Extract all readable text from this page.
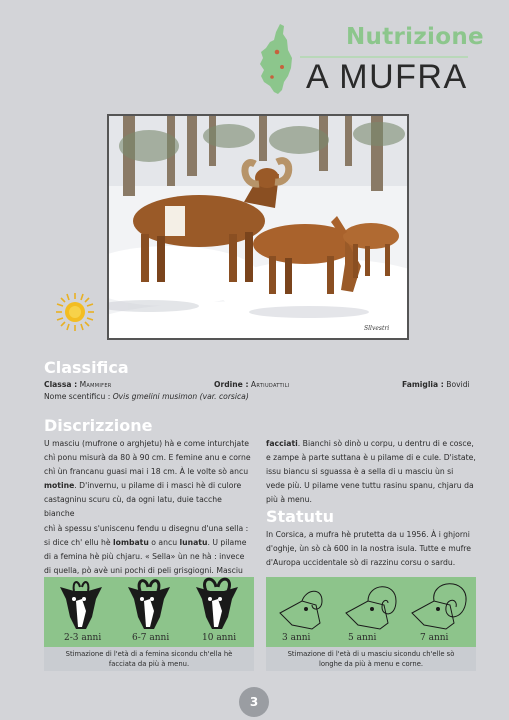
Nutrizione
A MUFRA
Sllvestri
Classifica
Classa : Mammifer	Ordine : Artiudattili	Famiglia : Bovidi
Nome scentificu : Ovis gmelini musimon (var. corsica)
Discrizzione
U masciu (mufrone o arghjetu) hà e come inturchjate
chì ponu misurà da 80 à 90 cm. E femine anu e corne
chì ùn francanu guasi mai i 18 cm. À le volte sò ancu
motine. D'invernu, u pilame di i masci hè di culore
castagninu scuru cù, da ogni latu, duie tacche bianche
chì à spessu s'uniscenu fendu u disegnu d'una sella :
si dice ch' ellu hè lombatu o ancu lunatu. U pilame
di a femina hè più chjaru. « Sella» ùn ne hà : invece
di quella, pò avè uni pochi di peli grisgiogni. Masciu
facciati. Bianchi sò dinò u corpu, u dentru di e cosce,
e zampe à parte suttana è u pilame di e cule. D'istate,
issu biancu si sguassa è a sella di u masciu ùn si
vede più. U pilame vene tuttu rasinu spanu, chjaru da
più à menu.
Statutu
In Corsica, a mufra hè prutetta da u 1956. À i ghjorni
d'oghje, ùn sò cà 600 in la nostra isula. Tutte e mufre
d'Auropa uccidentale sò di razzinu corsu o sardu.
2-3 anni	6-7 anni	10 anni
Stimazione di l'età di a femina sicondu ch'ella hè
facciata da più à menu.
3 anni	5 anni	7 anni
Stimazione di l'età di u masciu sicondu ch'elle sò
longhe da più à menu e corne.
3
